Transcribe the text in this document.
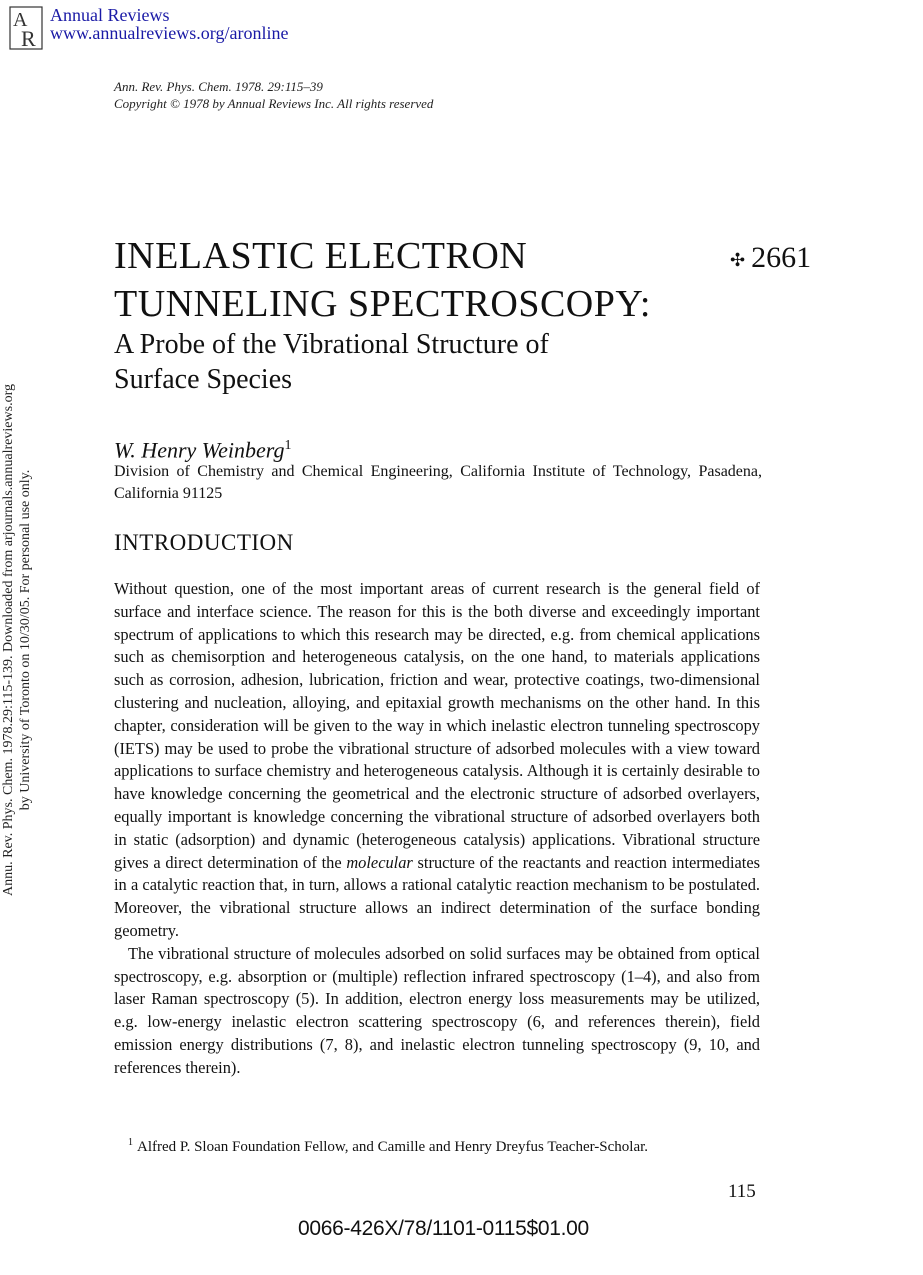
A
R
Annual Reviews
www.annualreviews.org/aronline
Ann. Rev. Phys. Chem. 1978. 29:115–39
Copyright © 1978 by Annual Reviews Inc. All rights reserved
Annu. Rev. Phys. Chem. 1978.29:115-139. Downloaded from arjournals.annualreviews.org by University of Toronto on 10/30/05. For personal use only.
INELASTIC ELECTRON
TUNNELING SPECTROSCOPY:
✣ 2661
A Probe of the Vibrational Structure of
Surface Species
W. Henry Weinberg$^1$
Division of Chemistry and Chemical Engineering, California Institute of Technology, Pasadena, California 91125
INTRODUCTION

Without question, one of the most important areas of current research is the general field of surface and interface science. The reason for this is the both diverse and exceedingly important spectrum of applications to which this research may be directed, e.g. from chemical applications such as chemisorption and heterogeneous catalysis, on the one hand, to materials applications such as corrosion, adhesion, lubrication, friction and wear, protective coatings, two-dimensional clustering and nucleation, alloying, and epitaxial growth mechanisms on the other hand. In this chapter, consideration will be given to the way in which inelastic electron tunneling spectroscopy (IETS) may be used to probe the vibrational structure of adsorbed molecules with a view toward applications to surface chemistry and heterogeneous catalysis. Although it is certainly desirable to have knowledge concerning the geometrical and the electronic structure of adsorbed overlayers, equally important is knowledge concerning the vibrational structure of adsorbed overlayers both in static (adsorption) and dynamic (heterogeneous catalysis) applications. Vibrational structure gives a direct determination of the molecular structure of the reactants and reaction intermediates in a catalytic reaction that, in turn, allows a rational catalytic reaction mechanism to be postulated. Moreover, the vibrational structure allows an indirect determination of the surface bonding geometry.

The vibrational structure of molecules adsorbed on solid surfaces may be obtained from optical spectroscopy, e.g. absorption or (multiple) reflection infrared spectroscopy (1–4), and also from laser Raman spectroscopy (5). In addition, electron energy loss measurements may be utilized, e.g. low-energy inelastic electron scattering spectroscopy (6, and references therein), field emission energy distributions (7, 8), and inelastic electron tunneling spectroscopy (9, 10, and references therein).

$^1$ Alfred P. Sloan Foundation Fellow, and Camille and Henry Dreyfus Teacher-Scholar.
115
0066-426X/78/1101-0115$01.00
